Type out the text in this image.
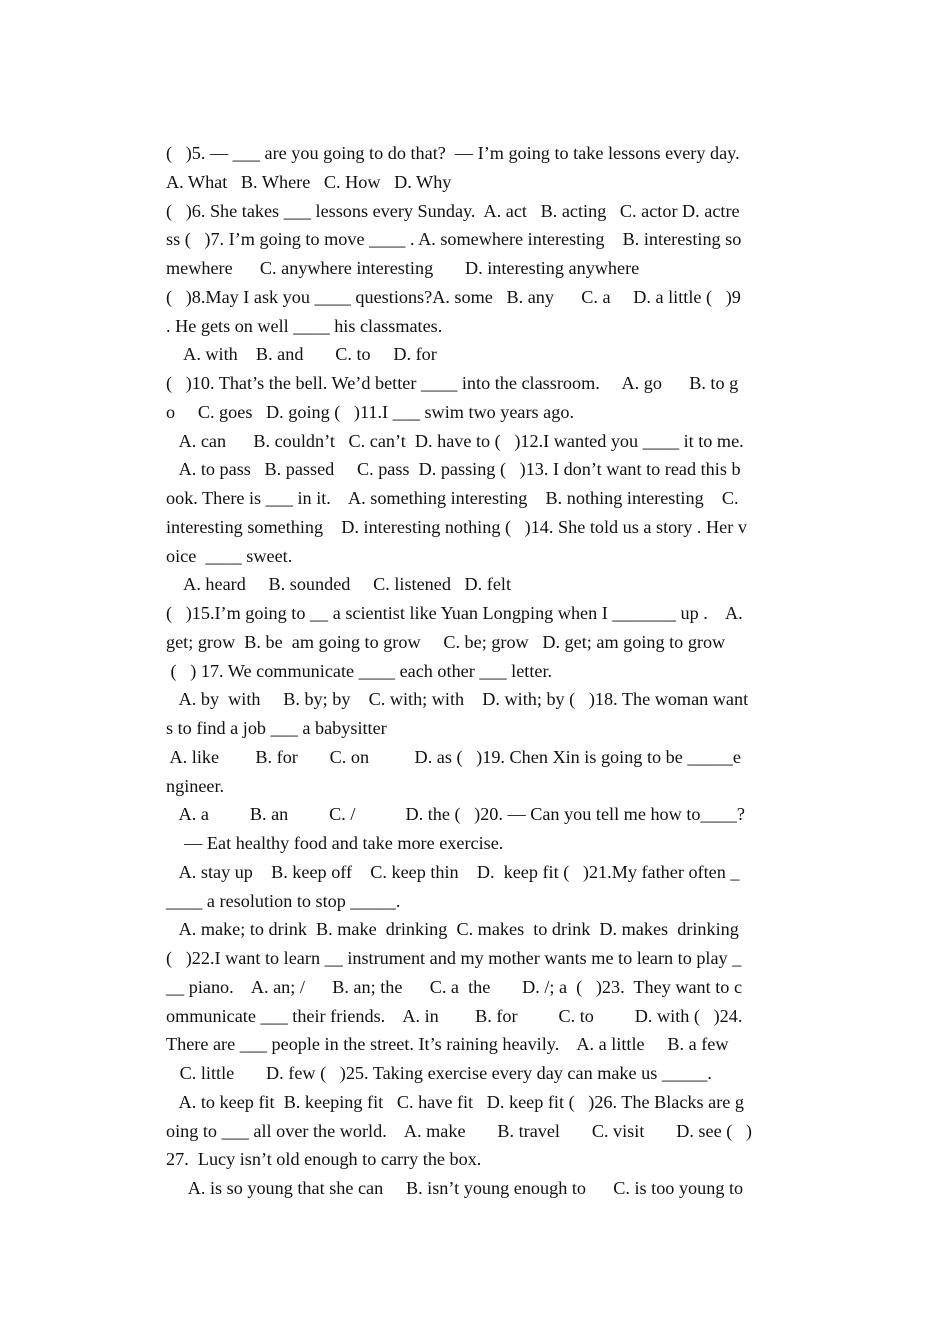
(   )5. — ___ are you going to do that?  — I’m going to take lessons every day.
A. What   B. Where   C. How   D. Why
(   )6. She takes ___ lessons every Sunday.  A. act   B. acting   C. actor D. actre
ss (   )7. I’m going to move ____ . A. somewhere interesting    B. interesting so
mewhere      C. anywhere interesting       D. interesting anywhere
(   )8.May I ask you ____ questions?A. some   B. any      C. a     D. a little (   )9
. He gets on well ____ his classmates.
A. with    B. and       C. to     D. for
(   )10. That’s the bell. We’d better ____ into the classroom.     A. go      B. to g
o     C. goes   D. going (   )11.I ___ swim two years ago.
A. can      B. couldn’t   C. can’t  D. have to (   )12.I wanted you ____ it to me.
A. to pass   B. passed     C. pass  D. passing (   )13. I don’t want to read this b
ook. There is ___ in it.    A. something interesting    B. nothing interesting    C.
interesting something    D. interesting nothing (   )14. She told us a story . Her v
oice  ____ sweet.
A. heard     B. sounded     C. listened   D. felt
(   )15.I’m going to __ a scientist like Yuan Longping when I _______ up .    A.
get; grow  B. be  am going to grow     C. be; grow   D. get; am going to grow
(   ) 17. We communicate ____ each other ___ letter.
A. by  with     B. by; by    C. with; with    D. with; by (   )18. The woman want
s to find a job ___ a babysitter
A. like        B. for       C. on          D. as (   )19. Chen Xin is going to be _____e
ngineer.
A. a         B. an         C. /           D. the (   )20. — Can you tell me how to____?
— Eat healthy food and take more exercise.
A. stay up    B. keep off    C. keep thin    D.  keep fit (   )21.My father often _
____ a resolution to stop _____.
A. make; to drink  B. make  drinking  C. makes  to drink  D. makes  drinking
(   )22.I want to learn __ instrument and my mother wants me to learn to play _
__ piano.    A. an; /      B. an; the      C. a  the       D. /; a  (   )23.  They want to c
ommunicate ___ their friends.    A. in        B. for         C. to         D. with (   )24.
There are ___ people in the street. It’s raining heavily.    A. a little     B. a few
C. little       D. few (   )25. Taking exercise every day can make us _____.
A. to keep fit  B. keeping fit   C. have fit   D. keep fit (   )26. The Blacks are g
oing to ___ all over the world.    A. make       B. travel       C. visit       D. see (   )
27.  Lucy isn’t old enough to carry the box.
A. is so young that she can     B. isn’t young enough to      C. is too young to
